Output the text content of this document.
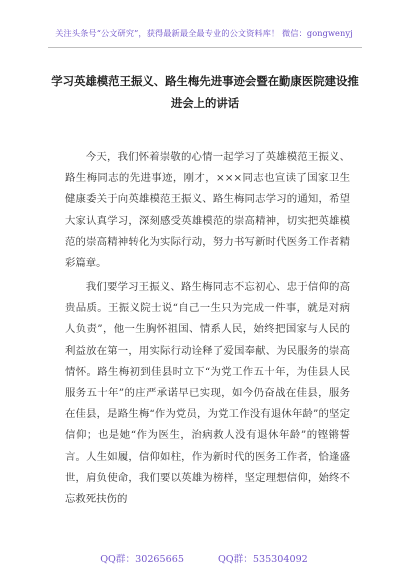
关注头条号“公文研究”，获得最新最全最专业的公文资料库！ 微信：gongwenyj
学习英雄模范王振义、路生梅先进事迹会暨在勤康医院建设推进会上的讲话

今天，我们怀着崇敬的心情一起学习了英雄模范王振义、路生梅同志的先进事迹，刚才，×××同志也宣读了国家卫生健康委关于向英雄模范王振义、路生梅同志学习的通知，希望大家认真学习，深刻感受英雄模范的崇高精神，切实把英雄模范的崇高精神转化为实际行动，努力书写新时代医务工作者精彩篇章。

我们要学习王振义、路生梅同志不忘初心、忠于信仰的高贵品质。王振义院士说“自己一生只为完成一件事，就是对病人负责”，他一生胸怀祖国、情系人民，始终把国家与人民的利益放在第一，用实际行动诠释了爱国奉献、为民服务的崇高情怀。路生梅初到佳县时立下“为党工作五十年，为佳县人民服务五十年”的庄严承诺早已实现，如今仍奋战在佳县，服务在佳县，是路生梅“作为党员，为党工作没有退休年龄”的坚定信仰；也是她“作为医生，治病救人没有退休年龄”的铿锵誓言。人生如履，信仰如柱，作为新时代的医务工作者，恰逢盛世，肩负使命，我们要以英雄为榜样，坚定理想信仰，始终不忘救死扶伤的

QQ群：30265665	QQ群：535304092
